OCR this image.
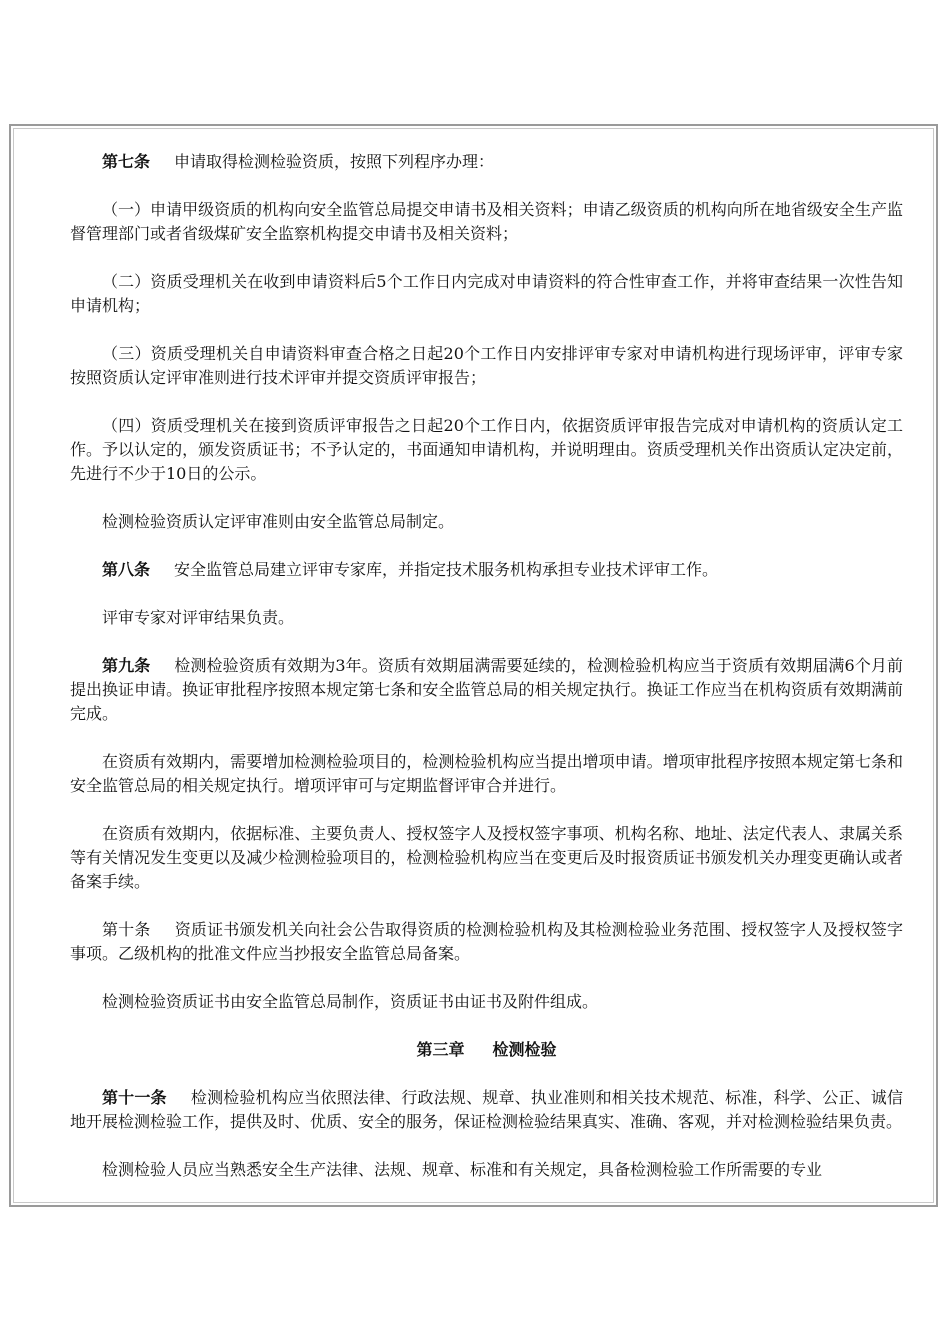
第七条 申请取得检测检验资质，按照下列程序办理：

（一）申请甲级资质的机构向安全监管总局提交申请书及相关资料；申请乙级资质的机构向所在地省级安全生产监督管理部门或者省级煤矿安全监察机构提交申请书及相关资料；

（二）资质受理机关在收到申请资料后5个工作日内完成对申请资料的符合性审查工作，并将审查结果一次性告知申请机构；

（三）资质受理机关自申请资料审查合格之日起20个工作日内安排评审专家对申请机构进行现场评审，评审专家按照资质认定评审准则进行技术评审并提交资质评审报告；

（四）资质受理机关在接到资质评审报告之日起20个工作日内，依据资质评审报告完成对申请机构的资质认定工作。予以认定的，颁发资质证书；不予认定的，书面通知申请机构，并说明理由。资质受理机关作出资质认定决定前，先进行不少于10日的公示。

检测检验资质认定评审准则由安全监管总局制定。

第八条 安全监管总局建立评审专家库，并指定技术服务机构承担专业技术评审工作。

评审专家对评审结果负责。

第九条 检测检验资质有效期为3年。资质有效期届满需要延续的，检测检验机构应当于资质有效期届满6个月前提出换证申请。换证审批程序按照本规定第七条和安全监管总局的相关规定执行。换证工作应当在机构资质有效期满前完成。

在资质有效期内，需要增加检测检验项目的，检测检验机构应当提出增项申请。增项审批程序按照本规定第七条和安全监管总局的相关规定执行。增项评审可与定期监督评审合并进行。

在资质有效期内，依据标准、主要负责人、授权签字人及授权签字事项、机构名称、地址、法定代表人、隶属关系等有关情况发生变更以及减少检测检验项目的，检测检验机构应当在变更后及时报资质证书颁发机关办理变更确认或者备案手续。

第十条 资质证书颁发机关向社会公告取得资质的检测检验机构及其检测检验业务范围、授权签字人及授权签字事项。乙级机构的批准文件应当抄报安全监管总局备案。

检测检验资质证书由安全监管总局制作，资质证书由证书及附件组成。

第三章 检测检验

第十一条 检测检验机构应当依照法律、行政法规、规章、执业准则和相关技术规范、标准，科学、公正、诚信地开展检测检验工作，提供及时、优质、安全的服务，保证检测检验结果真实、准确、客观，并对检测检验结果负责。

检测检验人员应当熟悉安全生产法律、法规、规章、标准和有关规定，具备检测检验工作所需要的专业
